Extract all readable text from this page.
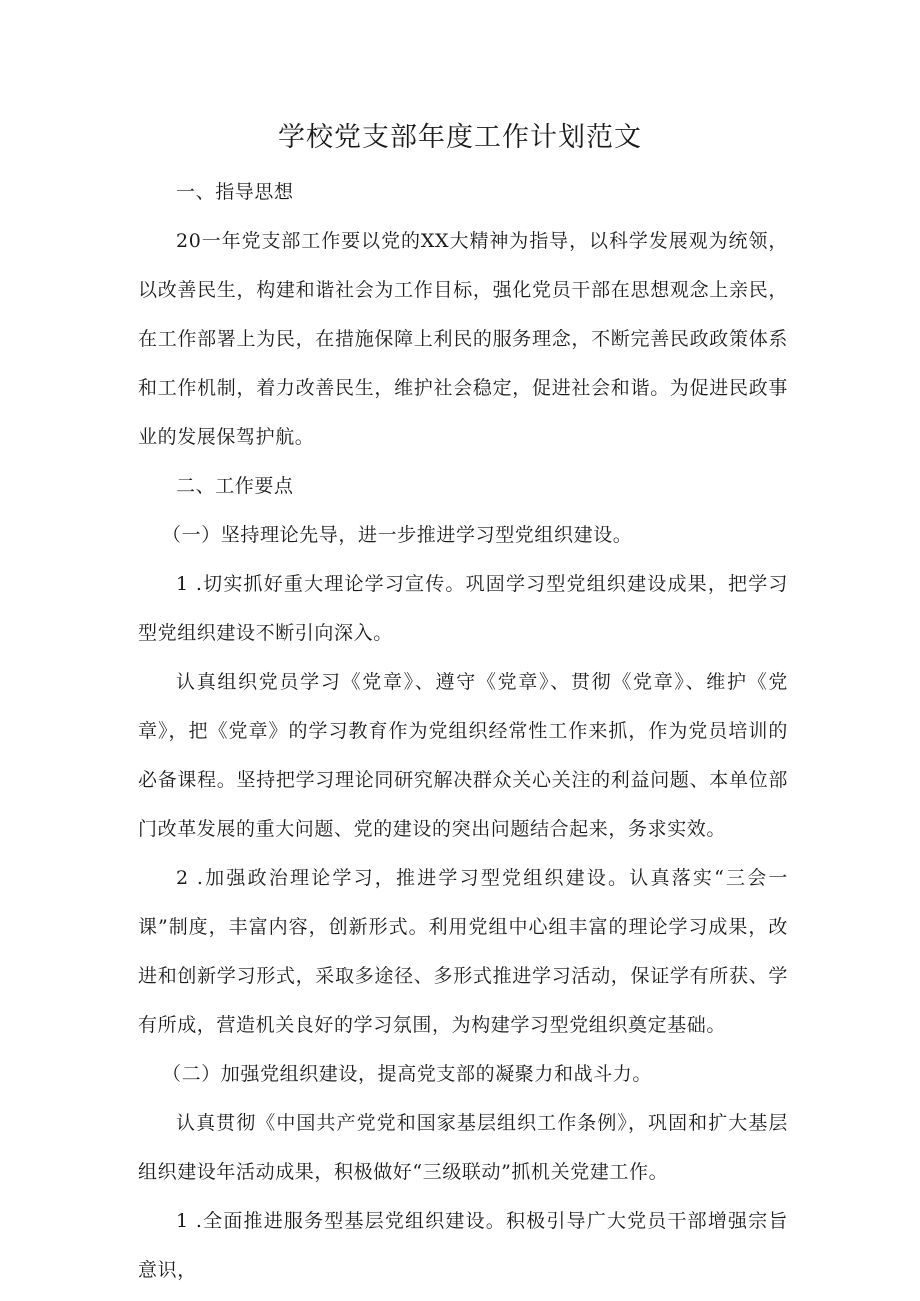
学校党支部年度工作计划范文

一、指导思想

20一年党支部工作要以党的XX大精神为指导，以科学发展观为统领，以改善民生，构建和谐社会为工作目标，强化党员干部在思想观念上亲民，在工作部署上为民，在措施保障上利民的服务理念，不断完善民政政策体系和工作机制，着力改善民生，维护社会稳定，促进社会和谐。为促进民政事业的发展保驾护航。

二、工作要点

（一）坚持理论先导，进一步推进学习型党组织建设。

1 .切实抓好重大理论学习宣传。巩固学习型党组织建设成果，把学习型党组织建设不断引向深入。

认真组织党员学习《党章》、遵守《党章》、贯彻《党章》、维护《党章》，把《党章》的学习教育作为党组织经常性工作来抓，作为党员培训的必备课程。坚持把学习理论同研究解决群众关心关注的利益问题、本单位部门改革发展的重大问题、党的建设的突出问题结合起来，务求实效。

2 .加强政治理论学习，推进学习型党组织建设。认真落实“三会一课”制度，丰富内容，创新形式。利用党组中心组丰富的理论学习成果，改进和创新学习形式，采取多途径、多形式推进学习活动，保证学有所获、学有所成，营造机关良好的学习氛围，为构建学习型党组织奠定基础。

（二）加强党组织建设，提高党支部的凝聚力和战斗力。

认真贯彻《中国共产党党和国家基层组织工作条例》，巩固和扩大基层组织建设年活动成果，积极做好“三级联动”抓机关党建工作。

1 .全面推进服务型基层党组织建设。积极引导广大党员干部增强宗旨意识，
